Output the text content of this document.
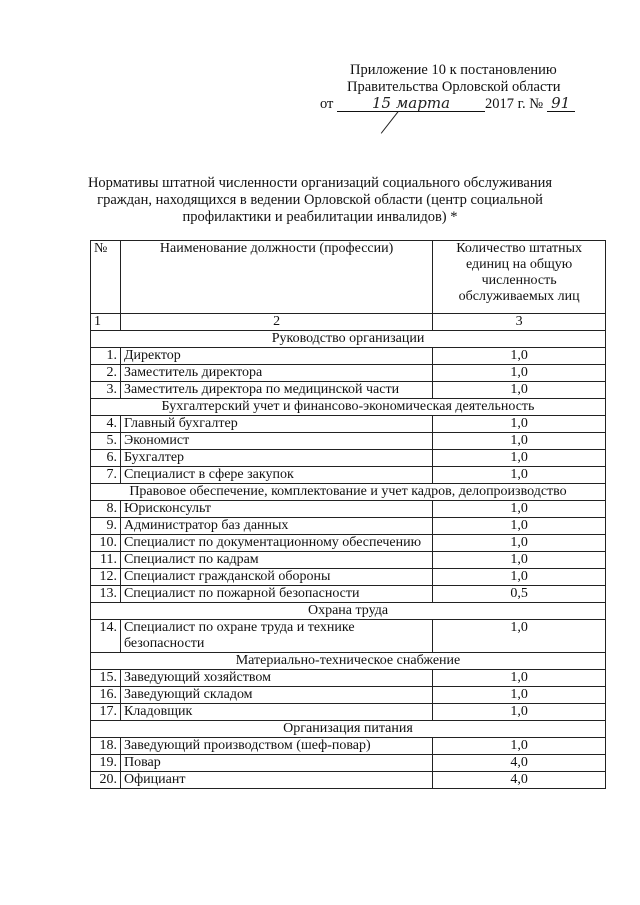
Приложение 10 к постановлению
Правительства Орловской области
от	15 марта 2017 г. № 91
Нормативы штатной численности организаций социального обслуживания граждан, находящихся в ведении Орловской области (центр социальной профилактики и реабилитации инвалидов) *
№	Наименование должности (профессии)	Количество штатных единиц на общую численность обслуживаемых лиц
1	2	3
Руководство организации		
1.	Директор	1,0
2.	Заместитель директора	1,0
3.	Заместитель директора по медицинской части	1,0
Бухгалтерский учет и финансово-экономическая деятельность		
4.	Главный бухгалтер	1,0
5.	Экономист	1,0
6.	Бухгалтер	1,0
7.	Специалист в сфере закупок	1,0
Правовое обеспечение, комплектование и учет кадров, делопроизводство		
8.	Юрисконсульт	1,0
9.	Администратор баз данных	1,0
10.	Специалист по документационному обеспечению	1,0
11.	Специалист по кадрам	1,0
12.	Специалист гражданской обороны	1,0
13.	Специалист по пожарной безопасности	0,5
Охрана труда		
14.	Специалист по охране труда и технике безопасности	1,0
Материально-техническое снабжение		
15.	Заведующий хозяйством	1,0
16.	Заведующий складом	1,0
17.	Кладовщик	1,0
Организация питания		
18.	Заведующий производством (шеф-повар)	1,0
19.	Повар	4,0
20.	Официант	4,0
